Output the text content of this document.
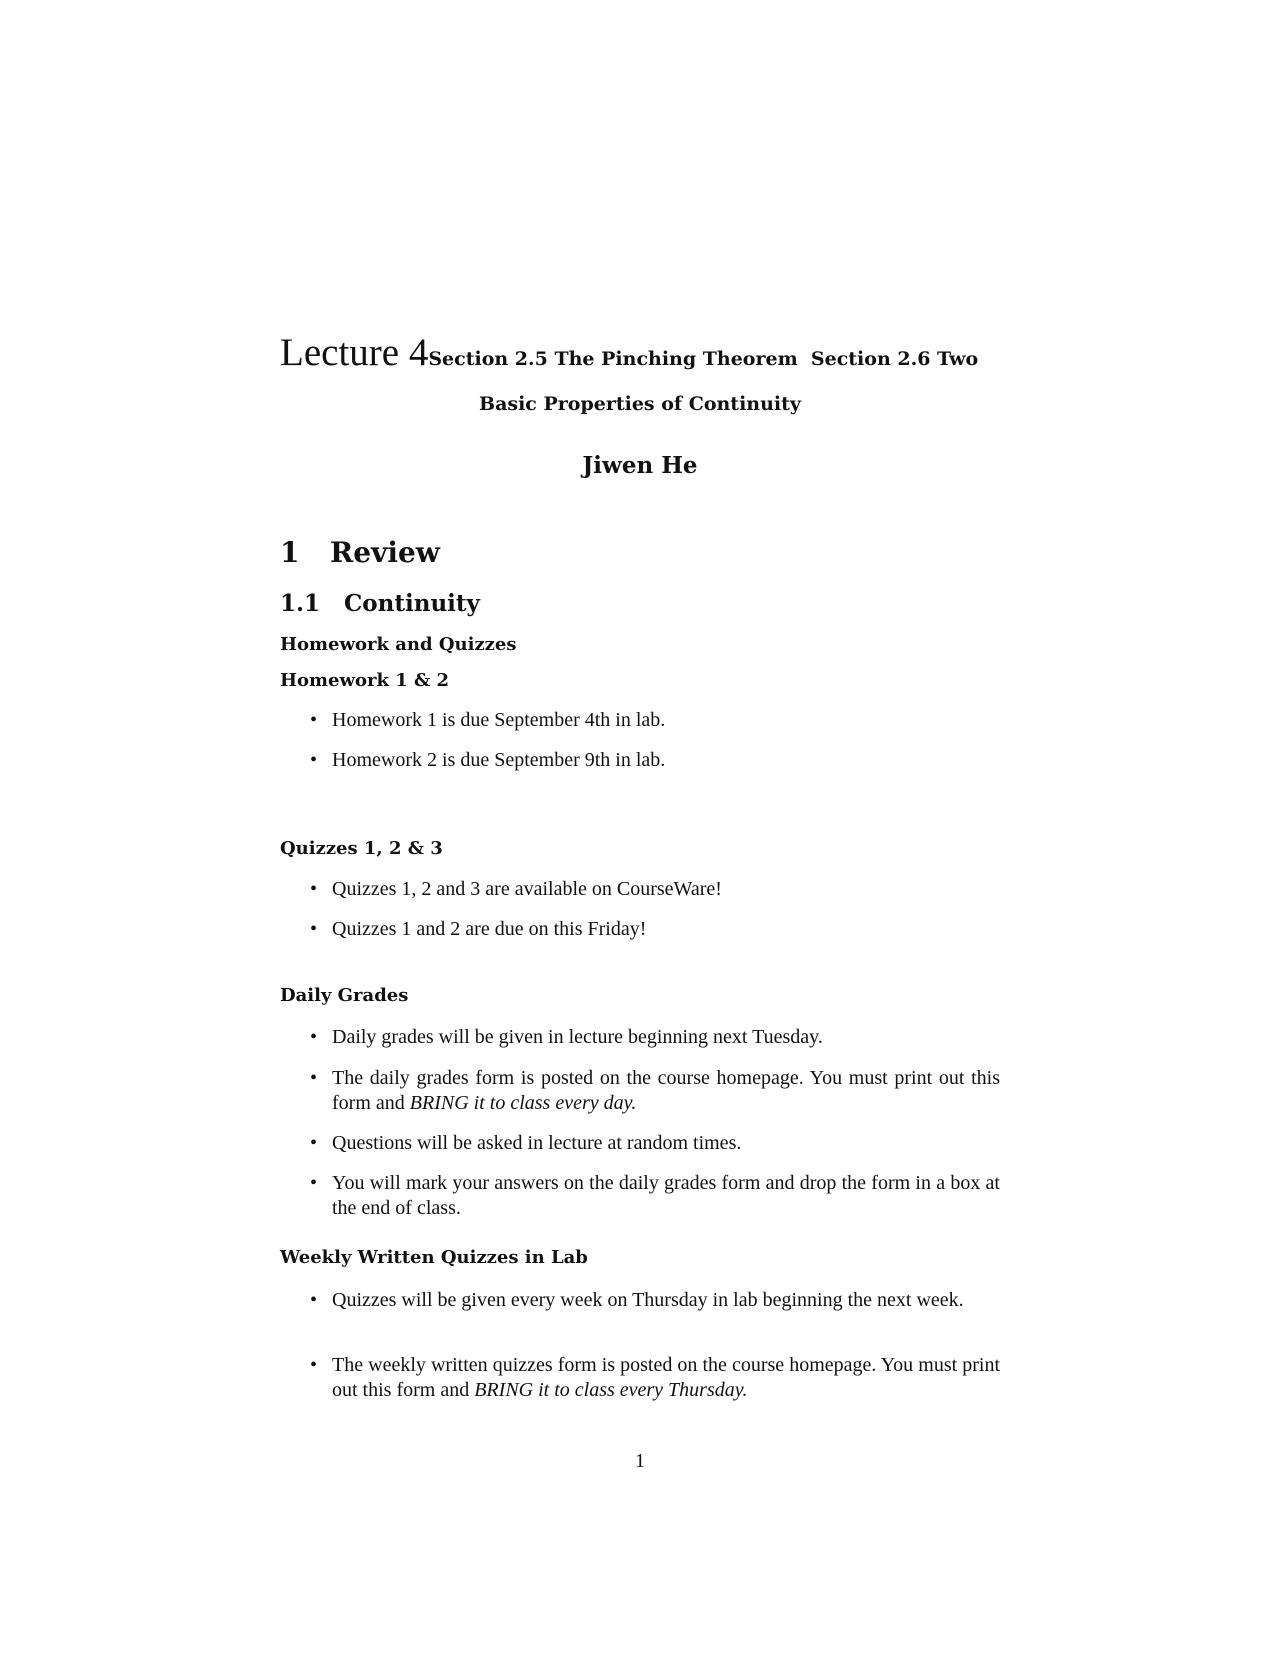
Lecture 4Section 2.5 The Pinching Theorem  Section 2.6 Two
Basic Properties of Continuity
Jiwen He
1 Review
1.1 Continuity
Homework and Quizzes
Homework 1 & 2
• Homework 1 is due September 4th in lab.
• Homework 2 is due September 9th in lab.
Quizzes 1, 2 & 3
• Quizzes 1, 2 and 3 are available on CourseWare!
• Quizzes 1 and 2 are due on this Friday!
Daily Grades
• Daily grades will be given in lecture beginning next Tuesday.
• The daily grades form is posted on the course homepage. You must print out this form and BRING it to class every day.
• Questions will be asked in lecture at random times.
• You will mark your answers on the daily grades form and drop the form in a box at the end of class.
Weekly Written Quizzes in Lab
• Quizzes will be given every week on Thursday in lab beginning the next week.
• The weekly written quizzes form is posted on the course homepage. You must print out this form and BRING it to class every Thursday.
1
